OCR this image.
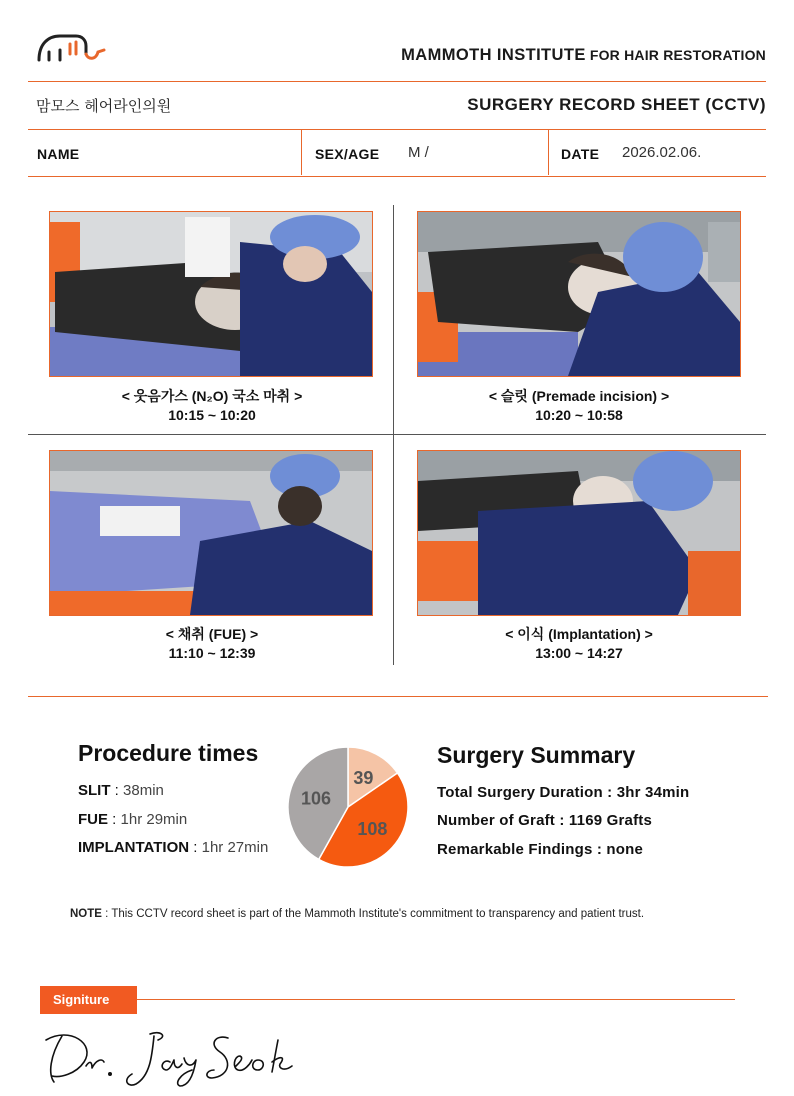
MAMMOTH INSTITUTE FOR HAIR RESTORATION
맘모스 헤어라인의원	SURGERY RECORD SHEET (CCTV)
NAME	SEX/AGE M /	DATE 2026.02.06.
< 웃음가스 (N₂O) 국소 마취 >
10:15 ~ 10:20
< 슬릿 (Premade incision) >
10:20 ~ 10:58
< 채취 (FUE) >
11:10 ~ 12:39
< 이식 (Implantation) >
13:00 ~ 14:27
Procedure times
SLIT : 38min
FUE : 1hr 29min
IMPLANTATION : 1hr 27min
39
108
106
Surgery Summary
Total Surgery Duration : 3hr 34min
Number of Graft : 1169 Grafts
Remarkable Findings : none
NOTE : This CCTV record sheet is part of the Mammoth Institute's commitment to transparency and patient trust.
Signiture
